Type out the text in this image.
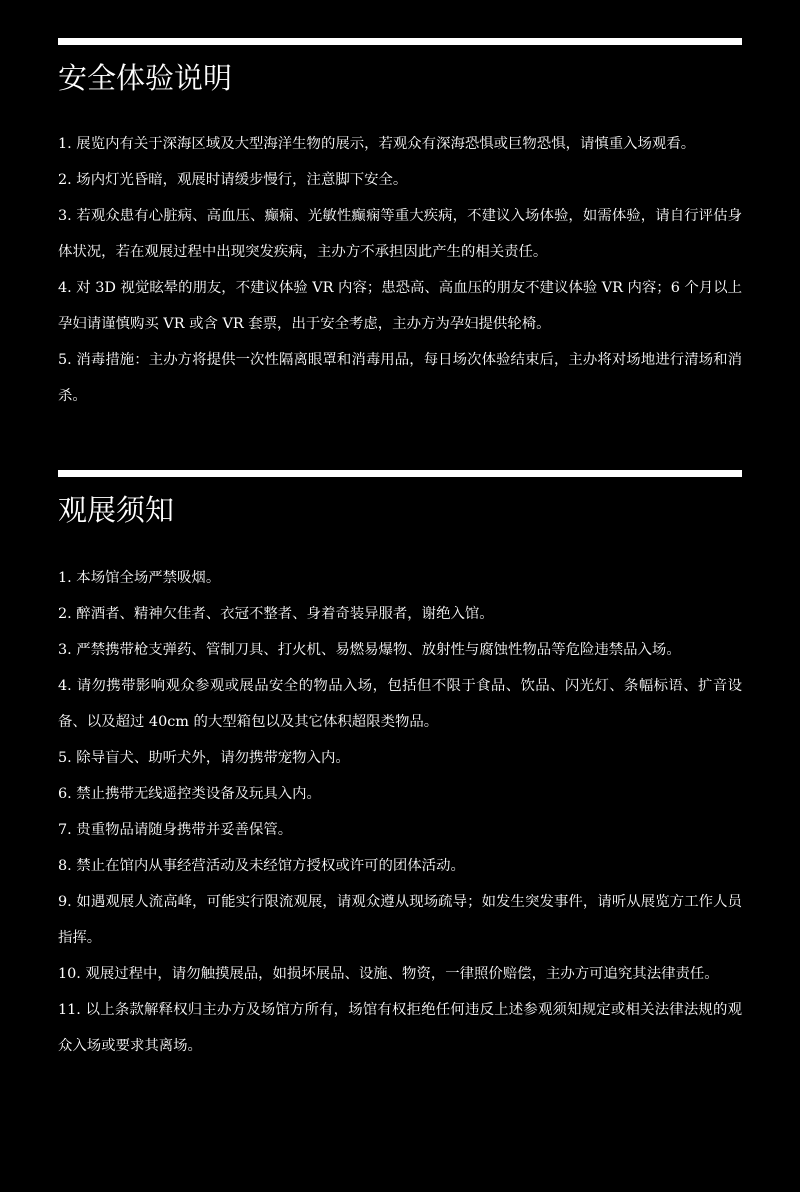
安全体验说明
1. 展览内有关于深海区域及大型海洋生物的展示，若观众有深海恐惧或巨物恐惧，请慎重入场观看。
2. 场内灯光昏暗，观展时请缓步慢行，注意脚下安全。
3. 若观众患有心脏病、高血压、癫痫、光敏性癫痫等重大疾病，不建议入场体验，如需体验，请自行评估身体状况，若在观展过程中出现突发疾病，主办方不承担因此产生的相关责任。
4. 对 3D 视觉眩晕的朋友，不建议体验 VR 内容；患恐高、高血压的朋友不建议体验 VR 内容；6 个月以上孕妇请谨慎购买 VR 或含 VR 套票，出于安全考虑，主办方为孕妇提供轮椅。
5. 消毒措施：主办方将提供一次性隔离眼罩和消毒用品，每日场次体验结束后，主办将对场地进行清场和消杀。
观展须知
1. 本场馆全场严禁吸烟。
2. 醉酒者、精神欠佳者、衣冠不整者、身着奇装异服者，谢绝入馆。
3. 严禁携带枪支弹药、管制刀具、打火机、易燃易爆物、放射性与腐蚀性物品等危险违禁品入场。
4. 请勿携带影响观众参观或展品安全的物品入场，包括但不限于食品、饮品、闪光灯、条幅标语、扩音设备、以及超过 40cm 的大型箱包以及其它体积超限类物品。
5. 除导盲犬、助听犬外，请勿携带宠物入内。
6. 禁止携带无线遥控类设备及玩具入内。
7. 贵重物品请随身携带并妥善保管。
8. 禁止在馆内从事经营活动及未经馆方授权或许可的团体活动。
9. 如遇观展人流高峰，可能实行限流观展，请观众遵从现场疏导；如发生突发事件，请听从展览方工作人员指挥。
10. 观展过程中，请勿触摸展品，如损坏展品、设施、物资，一律照价赔偿，主办方可追究其法律责任。
11. 以上条款解释权归主办方及场馆方所有，场馆有权拒绝任何违反上述参观须知规定或相关法律法规的观众入场或要求其离场。
